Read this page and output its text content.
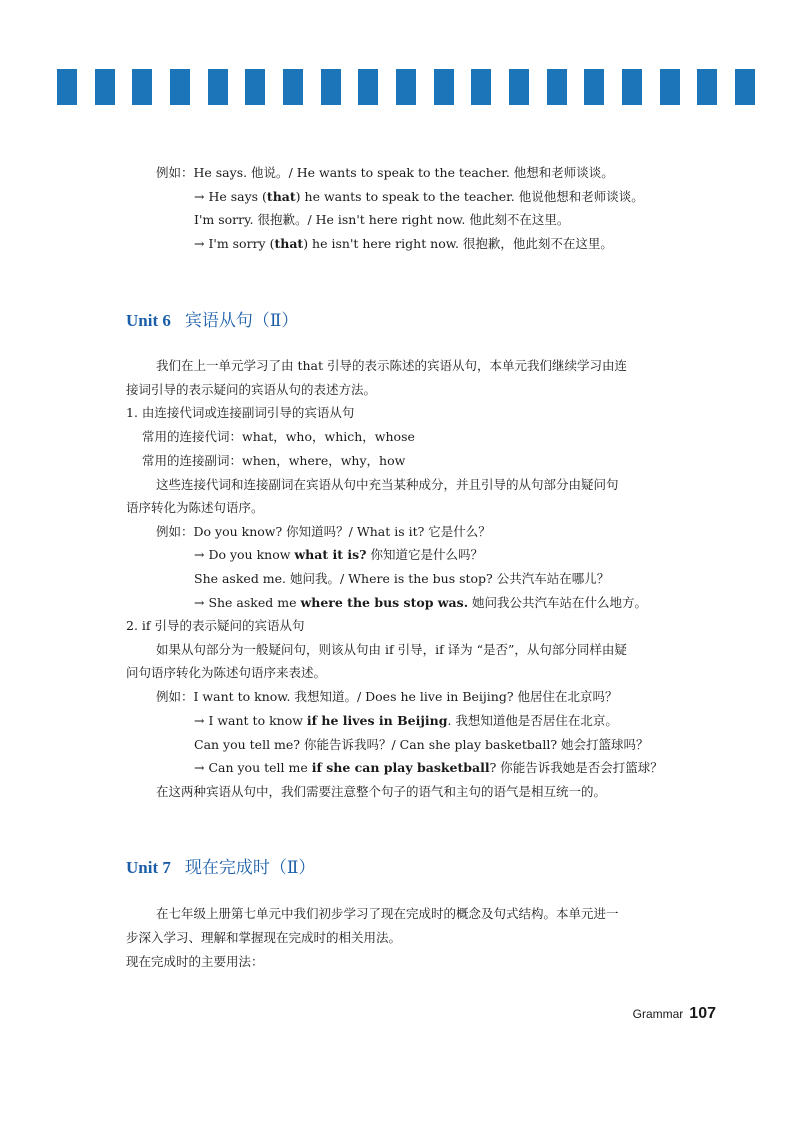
例如：He says. 他说。/ He wants to speak to the teacher. 他想和老师谈谈。
→ He says (that) he wants to speak to the teacher. 他说他想和老师谈谈。
I'm sorry. 很抱歉。/ He isn't here right now. 他此刻不在这里。
→ I'm sorry (that) he isn't here right now. 很抱歉，他此刻不在这里。
Unit 6 宾语从句（Ⅱ）
我们在上一单元学习了由 that 引导的表示陈述的宾语从句，本单元我们继续学习由连
接词引导的表示疑问的宾语从句的表述方法。
1. 由连接代词或连接副词引导的宾语从句
常用的连接代词：what，who，which，whose
常用的连接副词：when，where，why，how
这些连接代词和连接副词在宾语从句中充当某种成分，并且引导的从句部分由疑问句
语序转化为陈述句语序。
例如：Do you know? 你知道吗？/ What is it? 它是什么？
→ Do you know what it is? 你知道它是什么吗？
She asked me. 她问我。/ Where is the bus stop? 公共汽车站在哪儿？
→ She asked me where the bus stop was. 她问我公共汽车站在什么地方。
2. if 引导的表示疑问的宾语从句
如果从句部分为一般疑问句，则该从句由 if 引导，if 译为 “是否”，从句部分同样由疑
问句语序转化为陈述句语序来表述。
例如：I want to know. 我想知道。/ Does he live in Beijing? 他居住在北京吗？
→ I want to know if he lives in Beijing. 我想知道他是否居住在北京。
Can you tell me? 你能告诉我吗？/ Can she play basketball? 她会打篮球吗？
→ Can you tell me if she can play basketball? 你能告诉我她是否会打篮球？
在这两种宾语从句中，我们需要注意整个句子的语气和主句的语气是相互统一的。
Unit 7 现在完成时（Ⅱ）
在七年级上册第七单元中我们初步学习了现在完成时的概念及句式结构。本单元进一
步深入学习、理解和掌握现在完成时的相关用法。
现在完成时的主要用法：
Grammar 107
